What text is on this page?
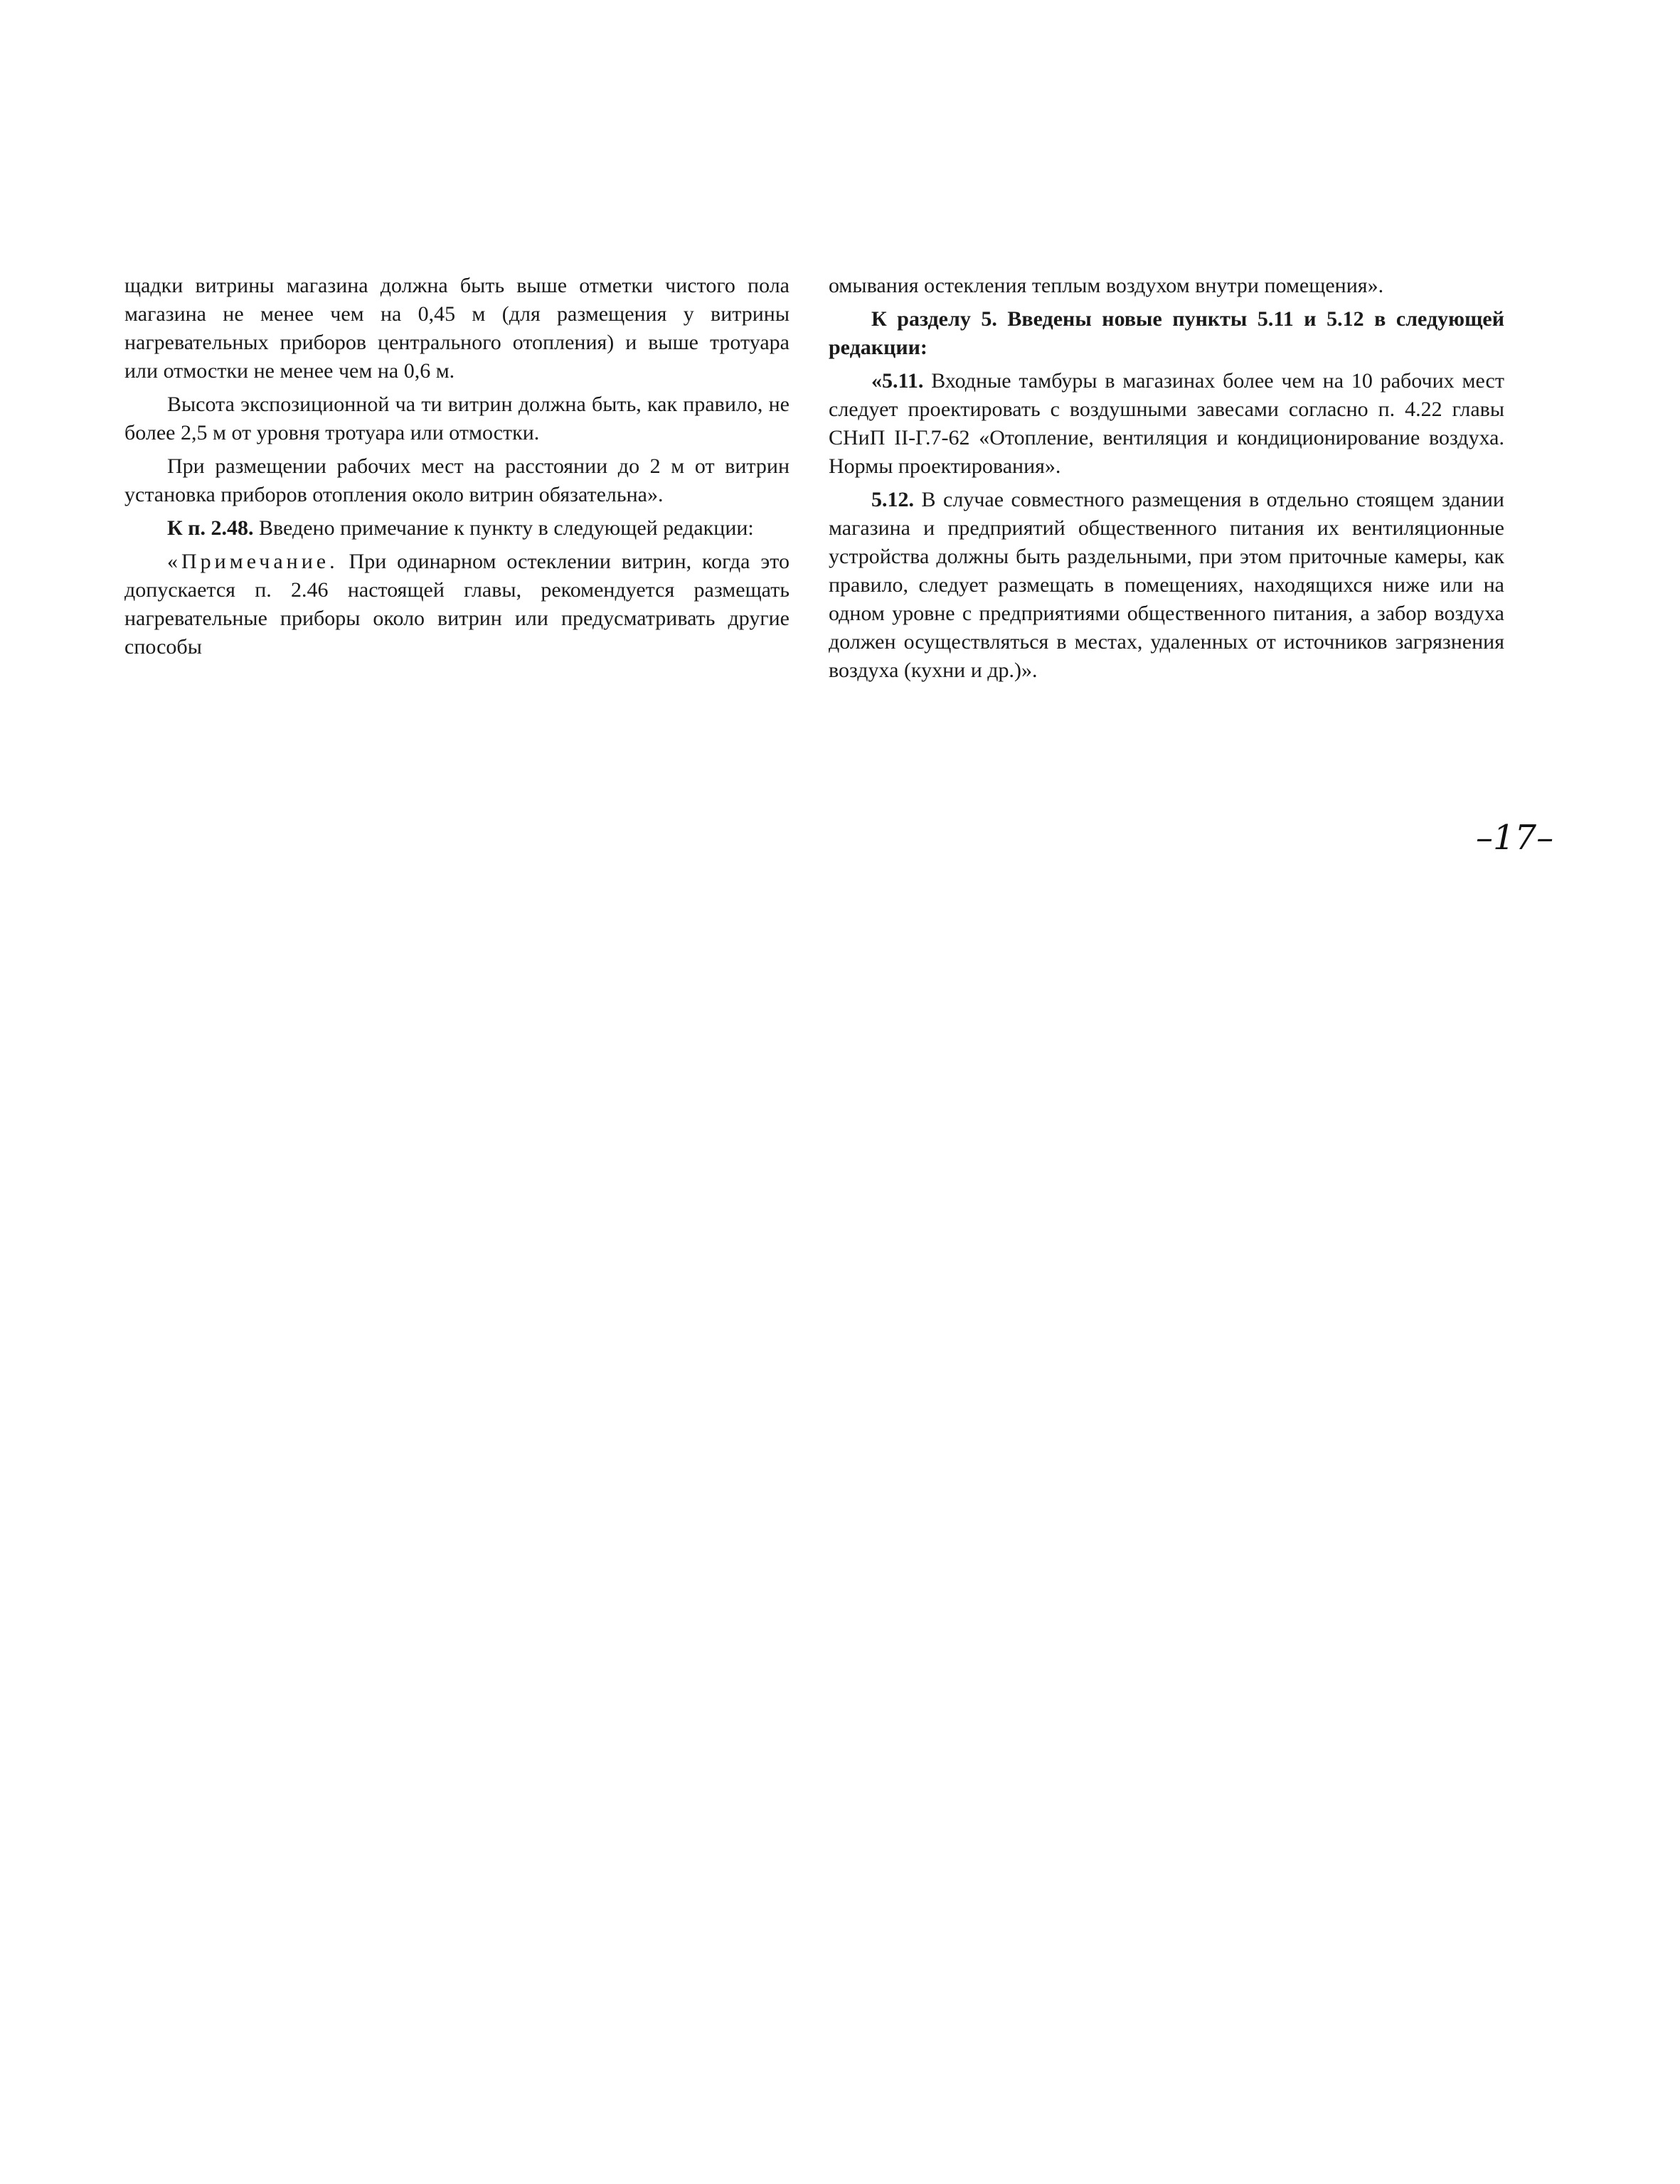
щадки витрины магазина должна быть выше отметки чистого пола магазина не менее чем на 0,45 м (для размещения у витрины нагревательных приборов центрального отопления) и выше тротуара или отмостки не менее чем на 0,6 м.

Высота экспозиционной ча ти витрин должна быть, как правило, не более 2,5 м от уровня тротуара или отмостки.

При размещении рабочих мест на расстоянии до 2 м от витрин установка приборов отопления около витрин обязательна».

К п. 2.48. Введено примечание к пункту в следующей редакции:

«Примечание. При одинарном остеклении витрин, когда это допускается п. 2.46 настоящей главы, рекомендуется размещать нагревательные приборы около витрин или предусматривать другие способы

омывания остекления теплым воздухом внутри помещения».

К разделу 5. Введены новые пункты 5.11 и 5.12 в следующей редакции:

«5.11. Входные тамбуры в магазинах более чем на 10 рабочих мест следует проектировать с воздушными завесами согласно п. 4.22 главы СНиП II-Г.7-62 «Отопление, вентиляция и кондиционирование воздуха. Нормы проектирования».

5.12. В случае совместного размещения в отдельно стоящем здании магазина и предприятий общественного питания их вентиляционные устройства должны быть раздельными, при этом приточные камеры, как правило, следует размещать в помещениях, находящихся ниже или на одном уровне с предприятиями общественного питания, а забор воздуха должен осуществляться в местах, удаленных от источников загрязнения воздуха (кухни и др.)».

–17–
